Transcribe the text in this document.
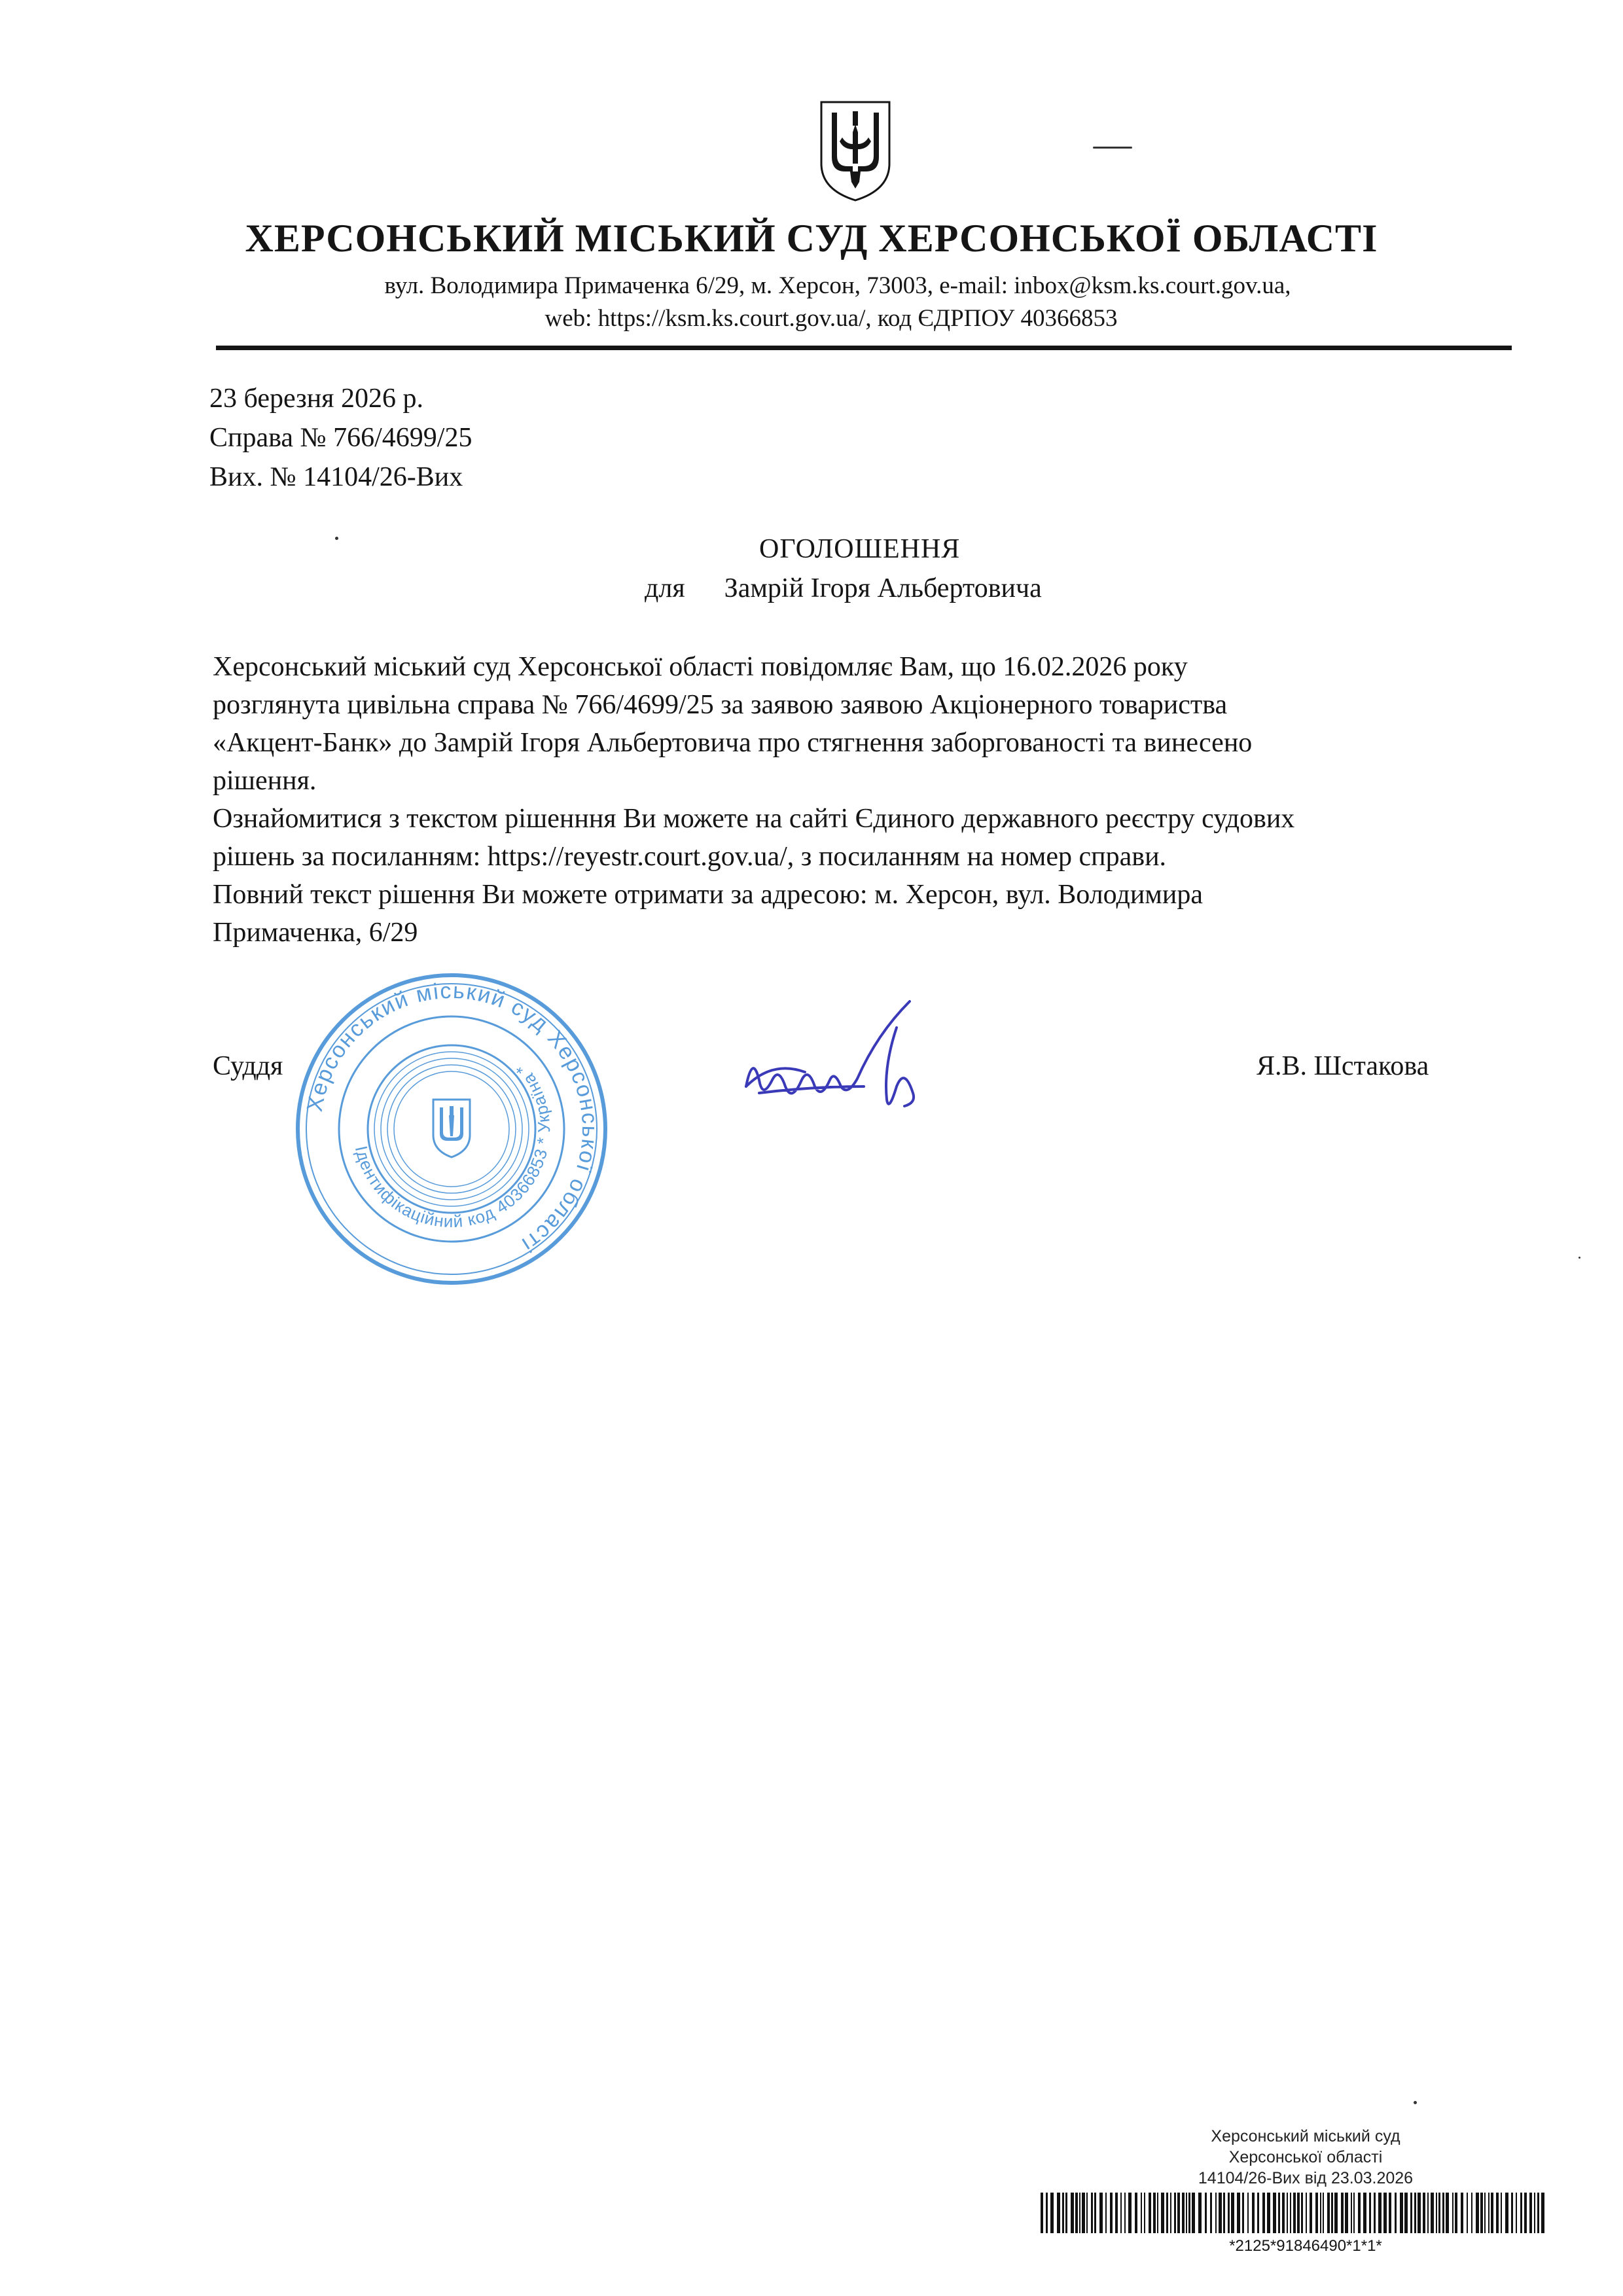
ХЕРСОНСЬКИЙ МІСЬКИЙ СУД ХЕРСОНСЬКОЇ ОБЛАСТІ
вул. Володимира Примаченка 6/29, м. Херсон, 73003, e-mail: inbox@ksm.ks.court.gov.ua,
web: https://ksm.ks.court.gov.ua/, код ЄДРПОУ 40366853
23 березня 2026 р.
Справа № 766/4699/25
Вих. № 14104/26-Вих
ОГОЛОШЕННЯ
для Замрій Ігоря Альбертовича

Херсонський міський суд Херсонської області повідомляє Вам, що 16.02.2026 року

розглянута цивільна справа № 766/4699/25 за заявою заявою Акціонерного товариства

«Акцент-Банк» до Замрій Ігоря Альбертовича про стягнення заборгованості та винесено

рішення.

Ознайомитися з текстом рішенння Ви можете на сайті Єдиного державного реєстру судових

рішень за посиланням: https://reyestr.court.gov.ua/, з посиланням на номер справи.

Повний текст рішення Ви можете отримати за адресою: м. Херсон, вул. Володимира

Примаченка, 6/29

Суддя	Я.В. Шстакова
Херсонський міський суд Херсонської області
Ідентифікаційний код 40366853 * Україна *
Херсонський міський суд
Херсонської області
14104/26-Вих від 23.03.2026
*2125*91846490*1*1*
